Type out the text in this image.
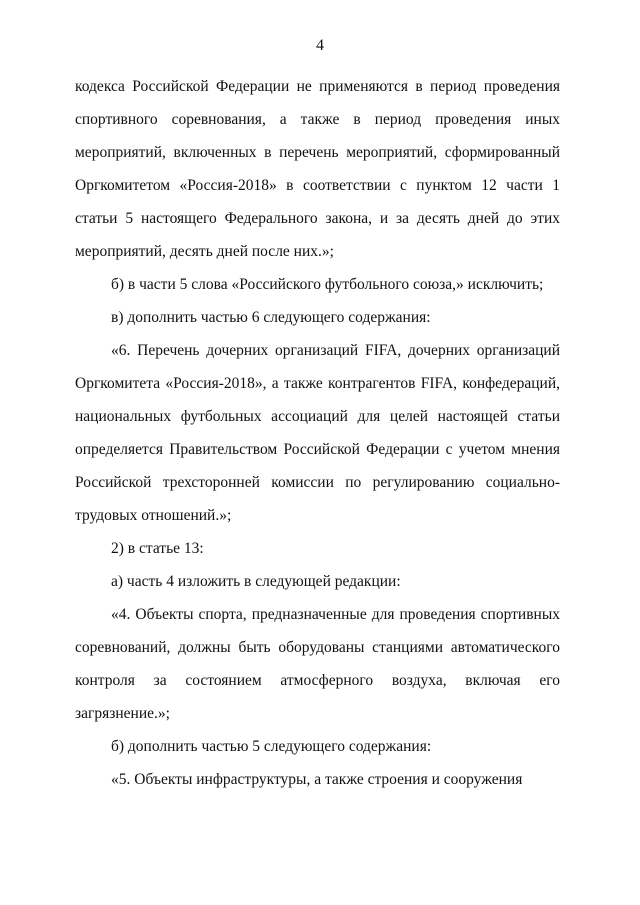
4

кодекса Российской Федерации не применяются в период проведения спортивного соревнования, а также в период проведения иных мероприятий, включенных в перечень мероприятий, сформированный Оргкомитетом «Россия-2018» в соответствии с пунктом 12 части 1 статьи 5 настоящего Федерального закона, и за десять дней до этих мероприятий, десять дней после них.»;

б) в части 5 слова «Российского футбольного союза,» исключить;

в) дополнить частью 6 следующего содержания:

«6. Перечень дочерних организаций FIFA, дочерних организаций Оргкомитета «Россия-2018», а также контрагентов FIFA, конфедераций, национальных футбольных ассоциаций для целей настоящей статьи определяется Правительством Российской Федерации с учетом мнения Российской трехсторонней комиссии по регулированию социально-трудовых отношений.»;

2) в статье 13:

а) часть 4 изложить в следующей редакции:

«4. Объекты спорта, предназначенные для проведения спортивных соревнований, должны быть оборудованы станциями автоматического контроля за состоянием атмосферного воздуха, включая его загрязнение.»;

б) дополнить частью 5 следующего содержания:

«5. Объекты инфраструктуры, а также строения и сооружения
